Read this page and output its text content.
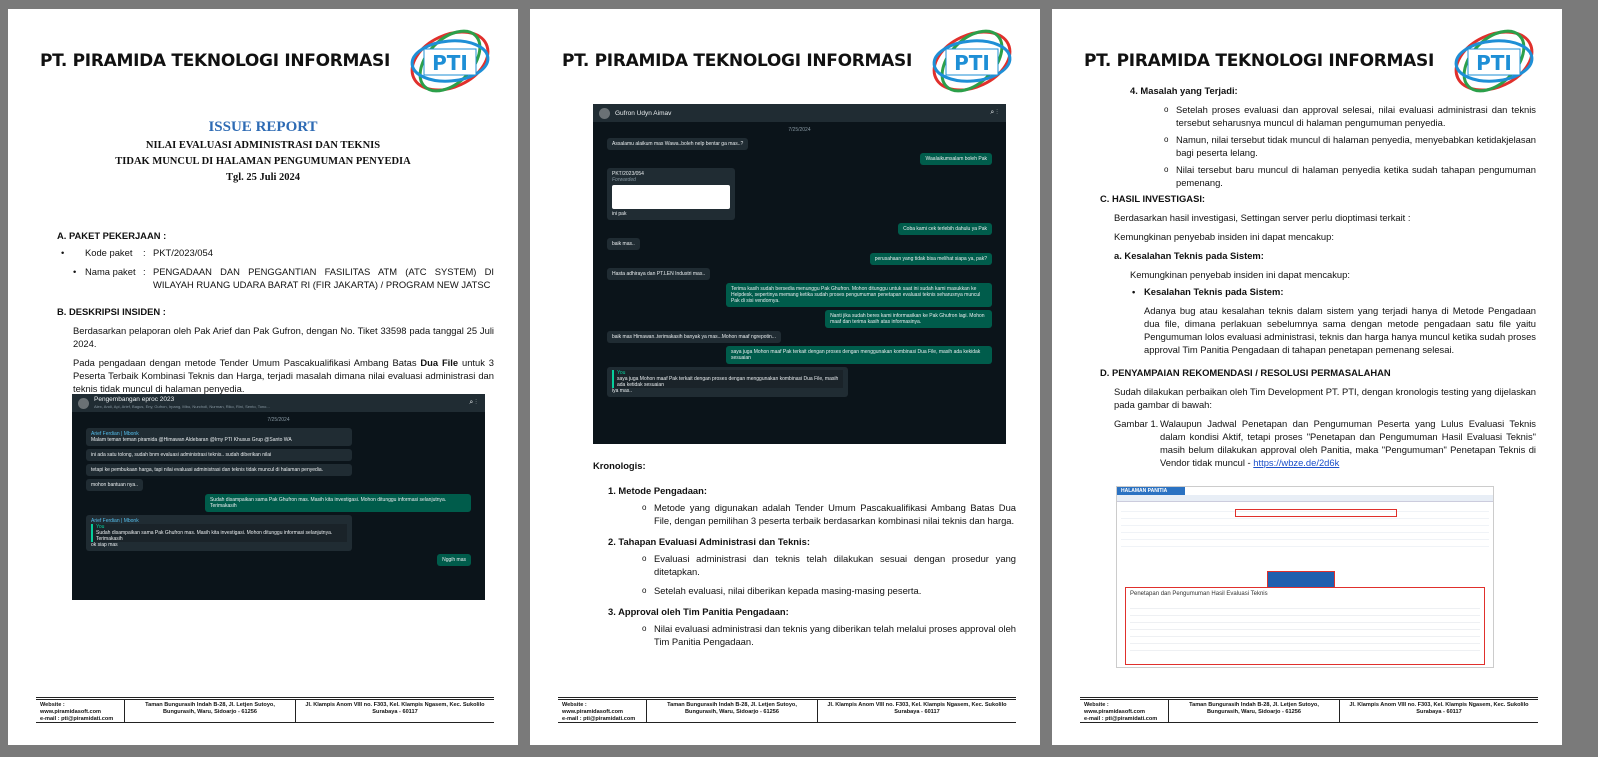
PT. PIRAMIDA TEKNOLOGI INFORMASI PTI
ISSUE REPORT
NILAI EVALUASI ADMINISTRASI DAN TEKNIS
TIDAK MUNCUL DI HALAMAN PENGUMUMAN PENYEDIA
Tgl. 25 Juli 2024

A. PAKET PEKERJAAN :

Kode paket	: PKT/2023/054
• Nama paket : PENGADAAN DAN PENGGANTIAN FASILITAS ATM (ATC SYSTEM) DI WILAYAH RUANG UDARA BARAT RI (FIR JAKARTA) / PROGRAM NEW JATSC

B. DESKRIPSI INSIDEN :

Berdasarkan pelaporan oleh Pak Arief dan Pak Gufron, dengan No. Tiket 33598 pada tanggal 25 Juli 2024.

Pada pengadaan dengan metode Tender Umum Pascakualifikasi Ambang Batas Dua File untuk 3 Peserta Terbaik Kombinasi Teknis dan Harga, terjadi masalah dimana nilai evaluasi administrasi dan teknis tidak muncul di halaman penyedia.

Pengembangan eproc 2023
Alex, Andi, Api, Arief, Bagus, Eny, Gufron, Irpang, Mbo, Nurcholl, Nurman, Riko, Rini, Sento, Tono...
⌕ ⋮
7/25/2024
Arief Ferdian | Mbonk
Malam teman teman piramida @Himawan Aldebaran @Irny PTI Khusus Grup @Santo WA
ini ada satu tolong, sudah bnm evaluasi administrasi teknis.. sudah diberikan nilai
tetapi ke pembukaan harga, tapi nilai evaluasi administrasi dan teknis tidak muncul di halaman penyedia.
mohon bantuan nya..
Sudah disampaikan sama Pak Ghufron mas. Masih kita investigasi. Mohon ditunggu informasi selanjutnya. Terimakasih
Arief Ferdian | Mbonk
You
Sudah disampaikan sama Pak Ghufron mas. Masih kita investigasi. Mohon ditunggu informasi selanjutnya. Terimakasih
ok siap mas
Nggih mas
Website : www.piramidasoft.com
e-mail : pti@piramidati.com
Taman Bungurasih Indah B-28, Jl. Letjen Sutoyo, Bungurasih, Waru, Sidoarjo - 61256
Jl. Klampis Anom VIII no. F303, Kel. Klampis Ngasem, Kec. Sukolilo Surabaya - 60117
PT. PIRAMIDA TEKNOLOGI INFORMASI PTI
Gufron Udyn Aimav	⌕ ⋮
7/25/2024
Assalamu alaikum mas Wawa..boleh nelp bentar ga mas..?
Waalaikumsalam boleh Pak
PKT/2023/054
Forwarded
ini pak
Coba kami cek terlebih dahulu ya Pak
baik mas..
perusahaan yang tidak bisa melihat siapa ya, pak?
Hasta adhiraya dan PT.LEN Industri mas..
Terima kasih sudah bersedia menunggu Pak Ghufron. Mohon ditunggu untuk saat ini sudah kami masukkan ke Helpdesk, sepertinya memang ketika sudah proses pengumuman penetapan evaluasi teknis seharusnya muncul Pak di sisi vendornya.
Nanti jika sudah beres kami informasikan ke Pak Ghufron lagi. Mohon maaf dan terima kasih atas informasinya.
baik mas Himawan..terimakasih banyak ya mas...Mohon maaf ngrepotin...
saya juga Mohon maaf Pak terkait dengan proses dengan menggunakan kombinasi Dua File, masih ada kekidak sesuaian
You
saya juga Mohon maaf Pak terkait dengan proses dengan menggunakan kombinasi Dua File, masih ada ketidak sesuaian
iya mas..

Kronologis:

1. Metode Pengadaan:

o Metode yang digunakan adalah Tender Umum Pascakualifikasi Ambang Batas Dua File, dengan pemilihan 3 peserta terbaik berdasarkan kombinasi nilai teknis dan harga.

2. Tahapan Evaluasi Administrasi dan Teknis:

o Evaluasi administrasi dan teknis telah dilakukan sesuai dengan prosedur yang ditetapkan.
o Setelah evaluasi, nilai diberikan kepada masing-masing peserta.

3. Approval oleh Tim Panitia Pengadaan:

o Nilai evaluasi administrasi dan teknis yang diberikan telah melalui proses approval oleh Tim Panitia Pengadaan.
Website : www.piramidasoft.com
e-mail : pti@piramidati.com
Taman Bungurasih Indah B-28, Jl. Letjen Sutoyo, Bungurasih, Waru, Sidoarjo - 61256
Jl. Klampis Anom VIII no. F303, Kel. Klampis Ngasem, Kec. Sukolilo Surabaya - 60117
PT. PIRAMIDA TEKNOLOGI INFORMASI PTI

4. Masalah yang Terjadi:

o Setelah proses evaluasi dan approval selesai, nilai evaluasi administrasi dan teknis tersebut seharusnya muncul di halaman pengumuman penyedia.
o Namun, nilai tersebut tidak muncul di halaman penyedia, menyebabkan ketidakjelasan bagi peserta lelang.
o Nilai tersebut baru muncul di halaman penyedia ketika sudah tahapan pengumuman pemenang.

C. HASIL INVESTIGASI:

Berdasarkan hasil investigasi, Settingan server perlu dioptimasi terkait :

Kemungkinan penyebab insiden ini dapat mencakup:

a. Kesalahan Teknis pada Sistem:

Kemungkinan penyebab insiden ini dapat mencakup:

• Kesalahan Teknis pada Sistem:

Adanya bug atau kesalahan teknis dalam sistem yang terjadi hanya di Metode Pengadaan dua file, dimana perlakuan sebelumnya sama dengan metode pengadaan satu file yaitu Pengumuman lolos evaluasi administrasi, teknis dan harga hanya muncul ketika sudah proses approval Tim Panitia Pengadaan di tahapan penetapan pemenang selesai.

D. PENYAMPAIAN REKOMENDASI / RESOLUSI PERMASALAHAN

Sudah dilakukan perbaikan oleh Tim Development PT. PTI, dengan kronologis testing yang dijelaskan pada gambar di bawah:

Gambar 1. Walaupun Jadwal Penetapan dan Pengumuman Peserta yang Lulus Evaluasi Teknis dalam kondisi Aktif, tetapi proses "Penetapan dan Pengumuman Hasil Evaluasi Teknis" masih belum dilakukan approval oleh Panitia, maka "Pengumuman" Penetapan Teknis di Vendor tidak muncul - https://wbze.de/2d6k
HALAMAN PANITIA
Penetapan dan Pengumuman Hasil Evaluasi Teknis
Website : www.piramidasoft.com
e-mail : pti@piramidati.com
Taman Bungurasih Indah B-28, Jl. Letjen Sutoyo, Bungurasih, Waru, Sidoarjo - 61256
Jl. Klampis Anom VIII no. F303, Kel. Klampis Ngasem, Kec. Sukolilo Surabaya - 60117
